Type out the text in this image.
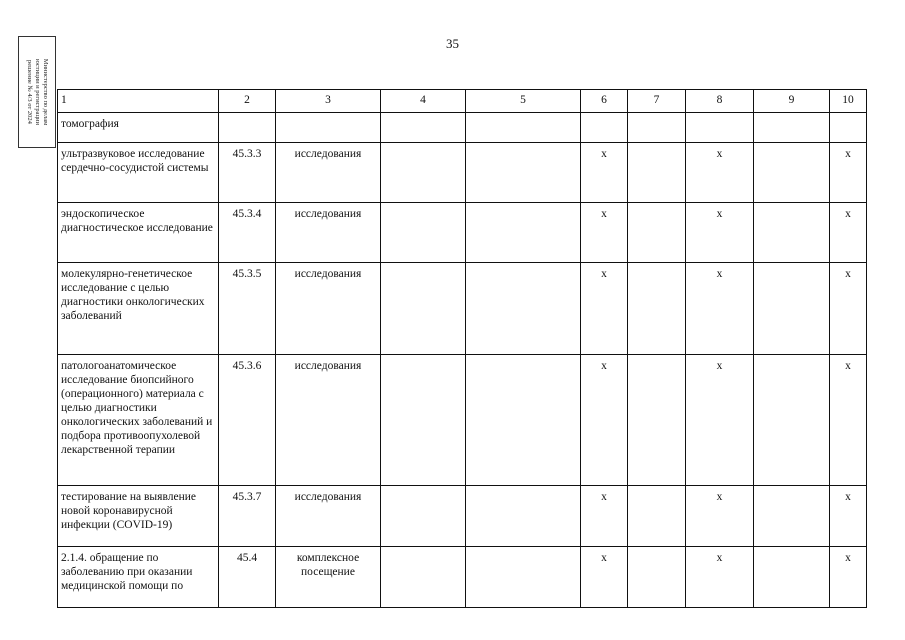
35
Министерство по делам
юстиции и регистрации
решение № 4/3 от 2024
1	2	3	4	5	6	7	8	9	10
томография									
ультразвуковое исследование сердечно-сосудистой системы	45.3.3	исследования			х		х		х
эндоскопическое диагностическое исследование	45.3.4	исследования			х		х		х
молекулярно-генетическое исследование с целью диагностики онкологических заболеваний	45.3.5	исследования			х		х		х
патологоанатомическое исследование биопсийного (операционного) материала с целью диагностики онкологических заболеваний и подбора противоопухолевой лекарственной терапии	45.3.6	исследования			х		х		х
тестирование на выявление новой коронавирусной инфекции (COVID-19)	45.3.7	исследования			х		х		х
2.1.4. обращение по заболеванию при оказании медицинской помощи по	45.4	комплексное посещение			х		х		х
